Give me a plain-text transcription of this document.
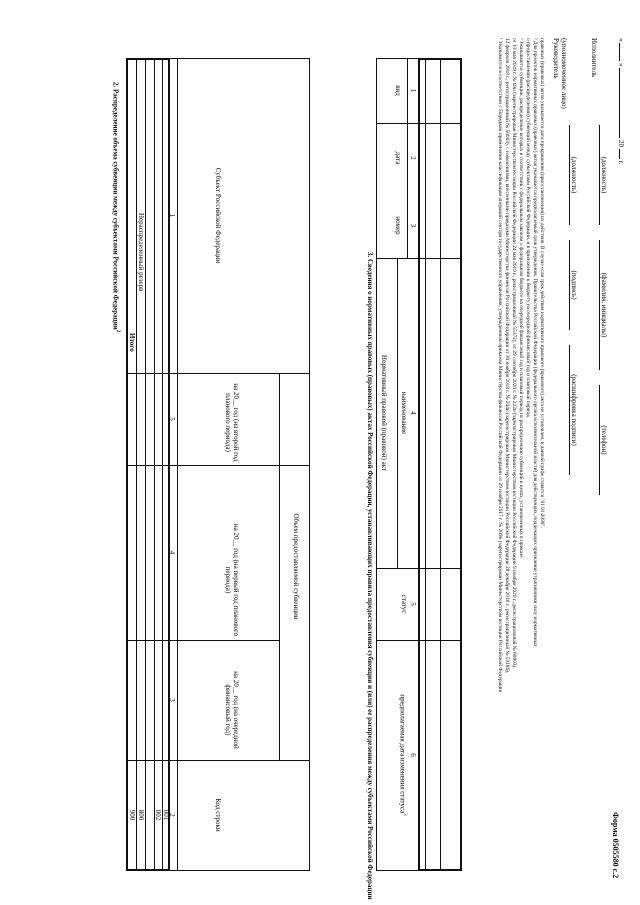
Форма 0505580 с.2
2. Распределение объема субвенции между субъектами Российской Федерации$^2$
Субъект Российской Федерации
Код строки
Объем предоставляемой субвенции
на 20__ год (на очередной финансовый год)
на 20__ год (на первый год планового периода)
на 20__ год (на второй год планового периода)
1
2
3
4
5
001
002
Нераспределенный резерв
800
Итого
900	3. Сведения о нормативных правовых (правовых) актах Российской Федерации, устанавливающих правила предоставления субвенции и (или) ее распределения между субъектами Российской Федерации Нормативный правовой (правовой) акт
вид
дата
номер
наименование
статус
предполагаемая дата изменения статуса$^3$
1
2
3
4
5
6
правовых (правовых) актов указывается дата прекращения (приостановления) их действия. В случае если срок действия нормативного правового (правового) акта не установлен, в данной графе ставится "01.01.2099".
³ Для проектов нормативных правовых (правовых) актов указывается предполагаемый срок утверждения. Правительства Российской Федерации (федерального органа исполнительной власти) для действующих, подлежащих признанию утратившими силу нормативных
о предоставлении (распределении) субвенций между субъектами Российской Федерации, и в приложении к бюджету на очередной финансовый год и плановый период.
² Указываются субвенции, распределение которых в соответствии с федеральным законом о федеральном бюджете на очередной финансовый год и плановый период по распределению субвенций в целях, установленных в приказе
от 13 мая 2019 г. № 69н (зарегистрирован Министерством юстиции Российской Федерации 24 мая 2019 г., регистрационный № 55372), от 29 сентября 2020 г. № 222н (зарегистрирован Министерством юстиции Российской Федерации 9 ноября 2020 г., регистрационный № 60803).
12 февраля 2018 г., регистрационный № 50003), с изменениями, внесенными приказами Министерства финансов Российской Федерации от 30 ноября 2018 г. № 244н (зарегистрирован Министерством юстиции Российской Федерации 28 декабря 2018 г., регистрационный № 53180),
¹ Указывается в соответствии с Порядком применения классификации операций сектора государственного управления, утвержденным приказом Министерства финансов Российской Федерации от 29 ноября 2017 г. № 209н (зарегистрирован Министерством юстиции Российской Федерации	Руководитель (уполномоченное лицо)
(должность)
(подпись)
(расшифровка подписи)
Исполнитель
(должность)
(фамилия, инициалы)
(телефон)
«  »  20  г.
